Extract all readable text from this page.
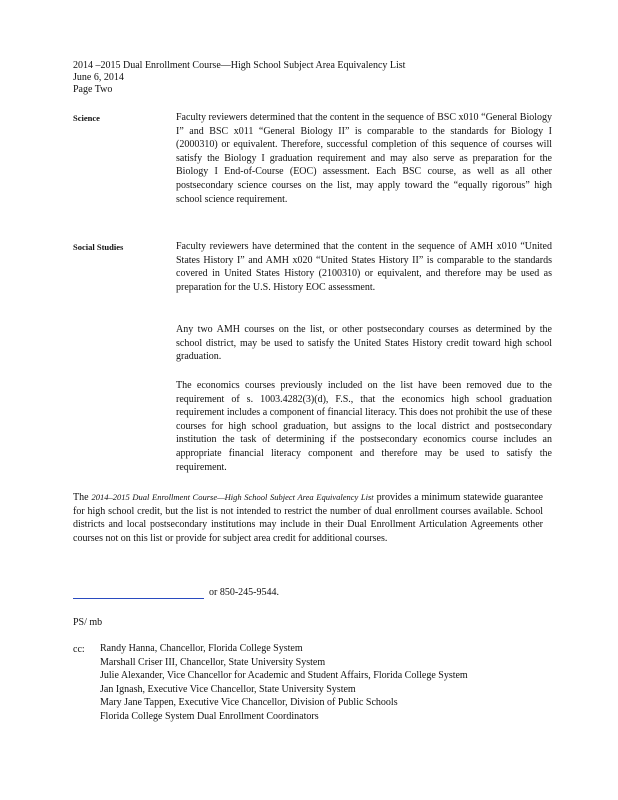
2014 –2015 Dual Enrollment Course—High School Subject Area Equivalency List
June 6, 2014
Page Two
Science	Faculty reviewers determined that the content in the sequence of BSC x010 “General Biology I” and BSC x011 “General Biology II” is comparable to the standards for Biology I (2000310) or equivalent. Therefore, successful completion of this sequence of courses will satisfy the Biology I graduation requirement and may also serve as preparation for the Biology I End-of-Course (EOC) assessment. Each BSC course, as well as all other postsecondary science courses on the list, may apply toward the “equally rigorous” high school science requirement.
Social Studies	Faculty reviewers have determined that the content in the sequence of AMH x010 “United States History I” and AMH x020 “United States History II” is comparable to the standards covered in United States History (2100310) or equivalent, and therefore may be used as preparation for the U.S. History EOC assessment.
Any two AMH courses on the list, or other postsecondary courses as determined by the school district, may be used to satisfy the United States History credit toward high school graduation.
The economics courses previously included on the list have been removed due to the requirement of s. 1003.4282(3)(d), F.S., that the economics high school graduation requirement includes a component of financial literacy. This does not prohibit the use of these courses for high school graduation, but assigns to the local district and postsecondary institution the task of determining if the postsecondary economics course includes an appropriate financial literacy component and therefore may be used to satisfy the requirement.
The 2014–2015 Dual Enrollment Course—High School Subject Area Equivalency List provides a minimum statewide guarantee for high school credit, but the list is not intended to restrict the number of dual enrollment courses available. School districts and local postsecondary institutions may include in their Dual Enrollment Articulation Agreements other courses not on this list or provide for subject area credit for additional courses.
or 850-245-9544.
PS/ mb
cc: Randy Hanna, Chancellor, Florida College System
Marshall Criser III, Chancellor, State University System
Julie Alexander, Vice Chancellor for Academic and Student Affairs, Florida College System
Jan Ignash, Executive Vice Chancellor, State University System
Mary Jane Tappen, Executive Vice Chancellor, Division of Public Schools
Florida College System Dual Enrollment Coordinators
